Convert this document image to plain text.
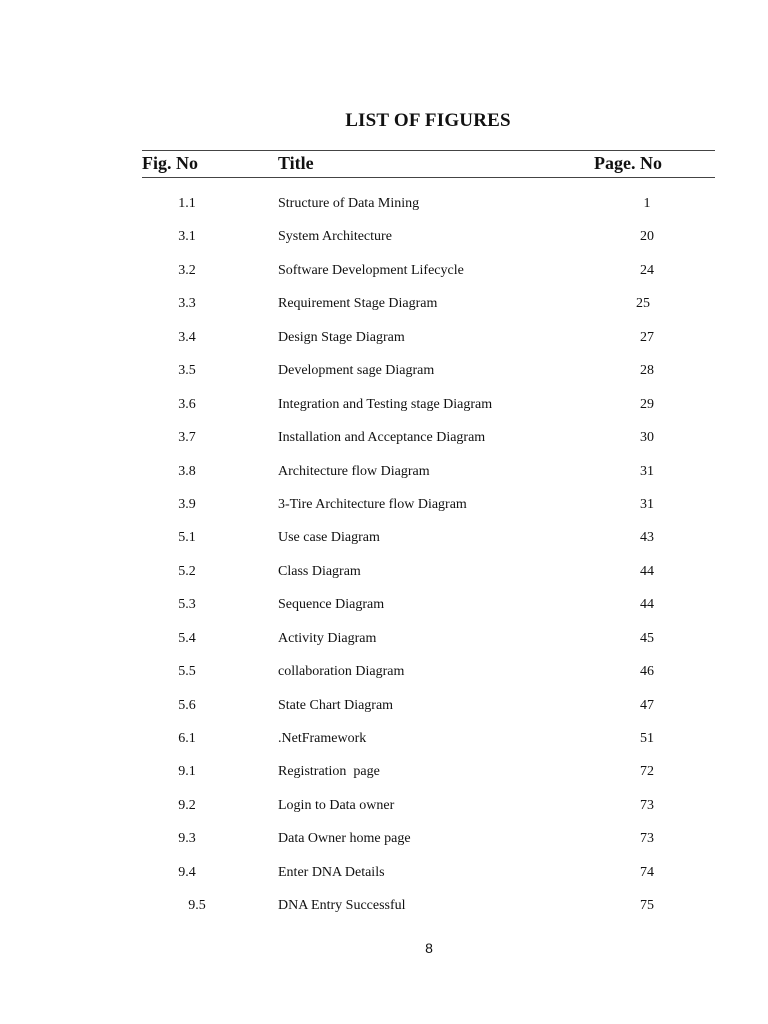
LIST OF FIGURES
Fig. No	Title	Page. No
1.1	Structure of Data Mining	1
3.1	System Architecture	20
3.2	Software Development Lifecycle	24
3.3	Requirement Stage Diagram	25
3.4	Design Stage Diagram	27
3.5	Development sage Diagram	28
3.6	Integration and Testing stage Diagram	29
3.7	Installation and Acceptance Diagram	30
3.8	Architecture flow Diagram	31
3.9	3-Tire Architecture flow Diagram	31
5.1	Use case Diagram	43
5.2	Class Diagram	44
5.3	Sequence Diagram	44
5.4	Activity Diagram	45
5.5	collaboration Diagram	46
5.6	State Chart Diagram	47
6.1	.NetFramework	51
9.1	Registration  page	72
9.2	Login to Data owner	73
9.3	Data Owner home page	73
9.4	Enter DNA Details	74
9.5	DNA Entry Successful	75
8
